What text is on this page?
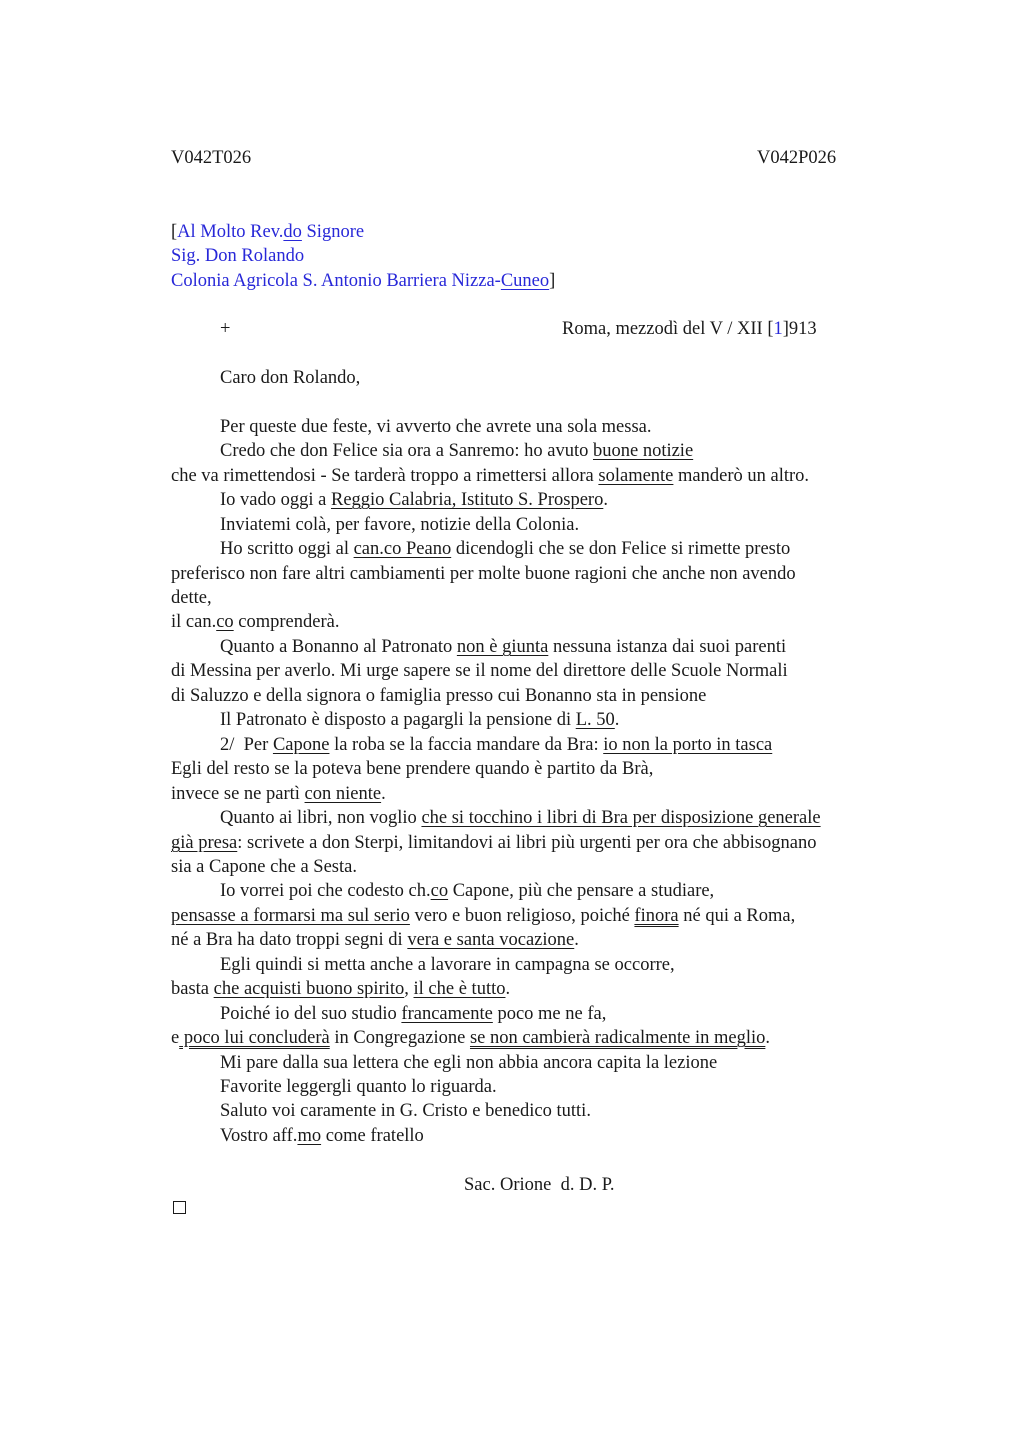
V042T026	V042P026
[Al Molto Rev.do Signore
Sig. Don Rolando
Colonia Agricola S. Antonio Barriera Nizza-Cuneo]
+	Roma, mezzodì del V / XII [1]913
Caro don Rolando,
Per queste due feste, vi avverto che avrete una sola messa.
Credo che don Felice sia ora a Sanremo: ho avuto buone notizie
che va rimettendosi - Se tarderà troppo a rimettersi allora solamente manderò un altro.
Io vado oggi a Reggio Calabria, Istituto S. Prospero.
Inviatemi colà, per favore, notizie della Colonia.
Ho scritto oggi al can.co Peano dicendogli che se don Felice si rimette presto
preferisco non fare altri cambiamenti per molte buone ragioni che anche non avendo
dette,
il can.co comprenderà.
Quanto a Bonanno al Patronato non è giunta nessuna istanza dai suoi parenti
di Messina per averlo. Mi urge sapere se il nome del direttore delle Scuole Normali
di Saluzzo e della signora o famiglia presso cui Bonanno sta in pensione
Il Patronato è disposto a pagargli la pensione di L. 50.
2/  Per Capone la roba se la faccia mandare da Bra: io non la porto in tasca
Egli del resto se la poteva bene prendere quando è partito da Brà,
invece se ne partì con niente.
Quanto ai libri, non voglio che si tocchino i libri di Bra per disposizione generale
già presa: scrivete a don Sterpi, limitandovi ai libri più urgenti per ora che abbisognano
sia a Capone che a Sesta.
Io vorrei poi che codesto ch.co Capone, più che pensare a studiare,
pensasse a formarsi ma sul serio vero e buon religioso, poiché finora né qui a Roma,
né a Bra ha dato troppi segni di vera e santa vocazione.
Egli quindi si metta anche a lavorare in campagna se occorre,
basta che acquisti buono spirito, il che è tutto.
Poiché io del suo studio francamente poco me ne fa,
e poco lui concluderà in Congregazione se non cambierà radicalmente in meglio.
Mi pare dalla sua lettera che egli non abbia ancora capita la lezione
Favorite leggergli quanto lo riguarda.
Saluto voi caramente in G. Cristo e benedico tutti.
Vostro aff.mo come fratello
Sac. Orione  d. D. P.
